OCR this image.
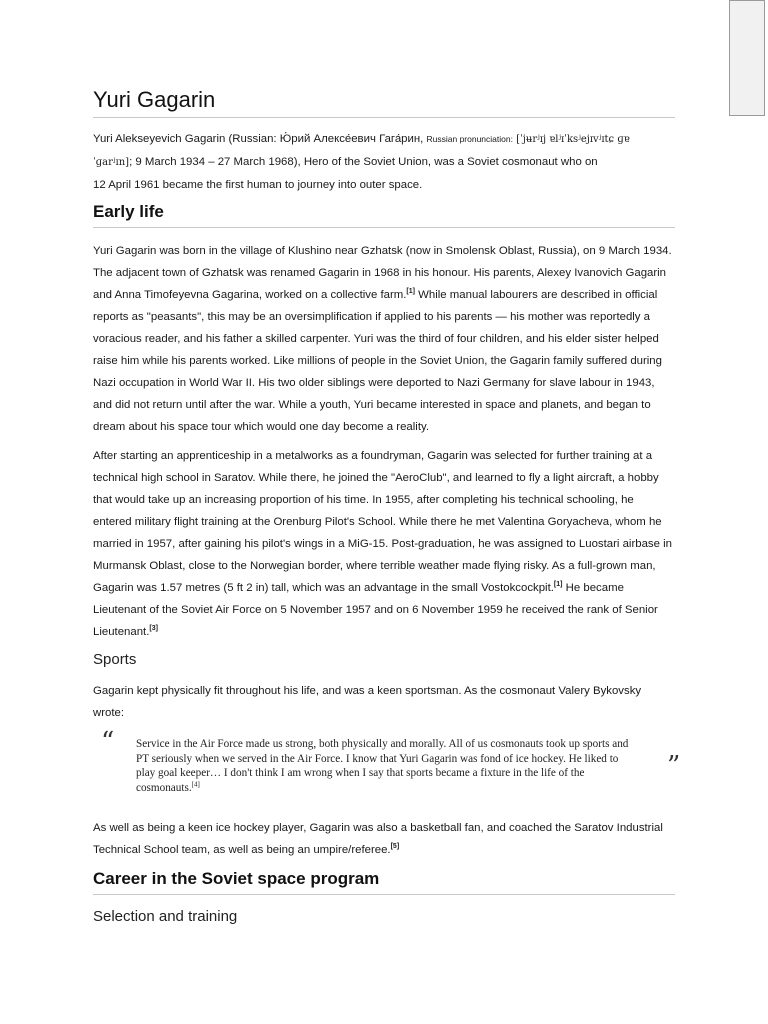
Yuri Gagarin

Yuri Alekseyevich Gagarin (Russian: Ю́рий Алексе́евич Гага́рин, Russian pronunciation: [ˈjʉrʲɪj ɐlʲɪˈksʲejɪvʲɪtɕ ɡɐ
ˈɡarʲɪn]; 9 March 1934 – 27 March 1968), Hero of the Soviet Union, was a Soviet cosmonaut who on
12 April 1961 became the first human to journey into outer space.

Early life

Yuri Gagarin was born in the village of Klushino near Gzhatsk (now in Smolensk Oblast, Russia), on 9 March 1934. The adjacent town of Gzhatsk was renamed Gagarin in 1968 in his honour. His parents, Alexey Ivanovich Gagarin and Anna Timofeyevna Gagarina, worked on a collective farm.[1] While manual labourers are described in official reports as "peasants", this may be an oversimplification if applied to his parents — his mother was reportedly a voracious reader, and his father a skilled carpenter. Yuri was the third of four children, and his elder sister helped raise him while his parents worked. Like millions of people in the Soviet Union, the Gagarin family suffered during Nazi occupation in World War II. His two older siblings were deported to Nazi Germany for slave labour in 1943, and did not return until after the war. While a youth, Yuri became interested in space and planets, and began to dream about his space tour which would one day become a reality.

After starting an apprenticeship in a metalworks as a foundryman, Gagarin was selected for further training at a technical high school in Saratov. While there, he joined the "AeroClub", and learned to fly a light aircraft, a hobby that would take up an increasing proportion of his time. In 1955, after completing his technical schooling, he entered military flight training at the Orenburg Pilot's School. While there he met Valentina Goryacheva, whom he married in 1957, after gaining his pilot's wings in a MiG-15. Post-graduation, he was assigned to Luostari airbase in Murmansk Oblast, close to the Norwegian border, where terrible weather made flying risky. As a full-grown man, Gagarin was 1.57 metres (5 ft 2 in) tall, which was an advantage in the small Vostokcockpit.[1] He became Lieutenant of the Soviet Air Force on 5 November 1957 and on 6 November 1959 he received the rank of Senior Lieutenant.[3]

Sports

Gagarin kept physically fit throughout his life, and was a keen sportsman. As the cosmonaut Valery Bykovsky wrote:

“ Service in the Air Force made us strong, both physically and morally. All of us cosmonauts took up sports and PT seriously when we served in the Air Force. I know that Yuri Gagarin was fond of ice hockey. He liked to play goal keeper… I don't think I am wrong when I say that sports became a fixture in the life of the cosmonauts.[4]
”

As well as being a keen ice hockey player, Gagarin was also a basketball fan, and coached the Saratov Industrial Technical School team, as well as being an umpire/referee.[5]

Career in the Soviet space program
Selection and training
